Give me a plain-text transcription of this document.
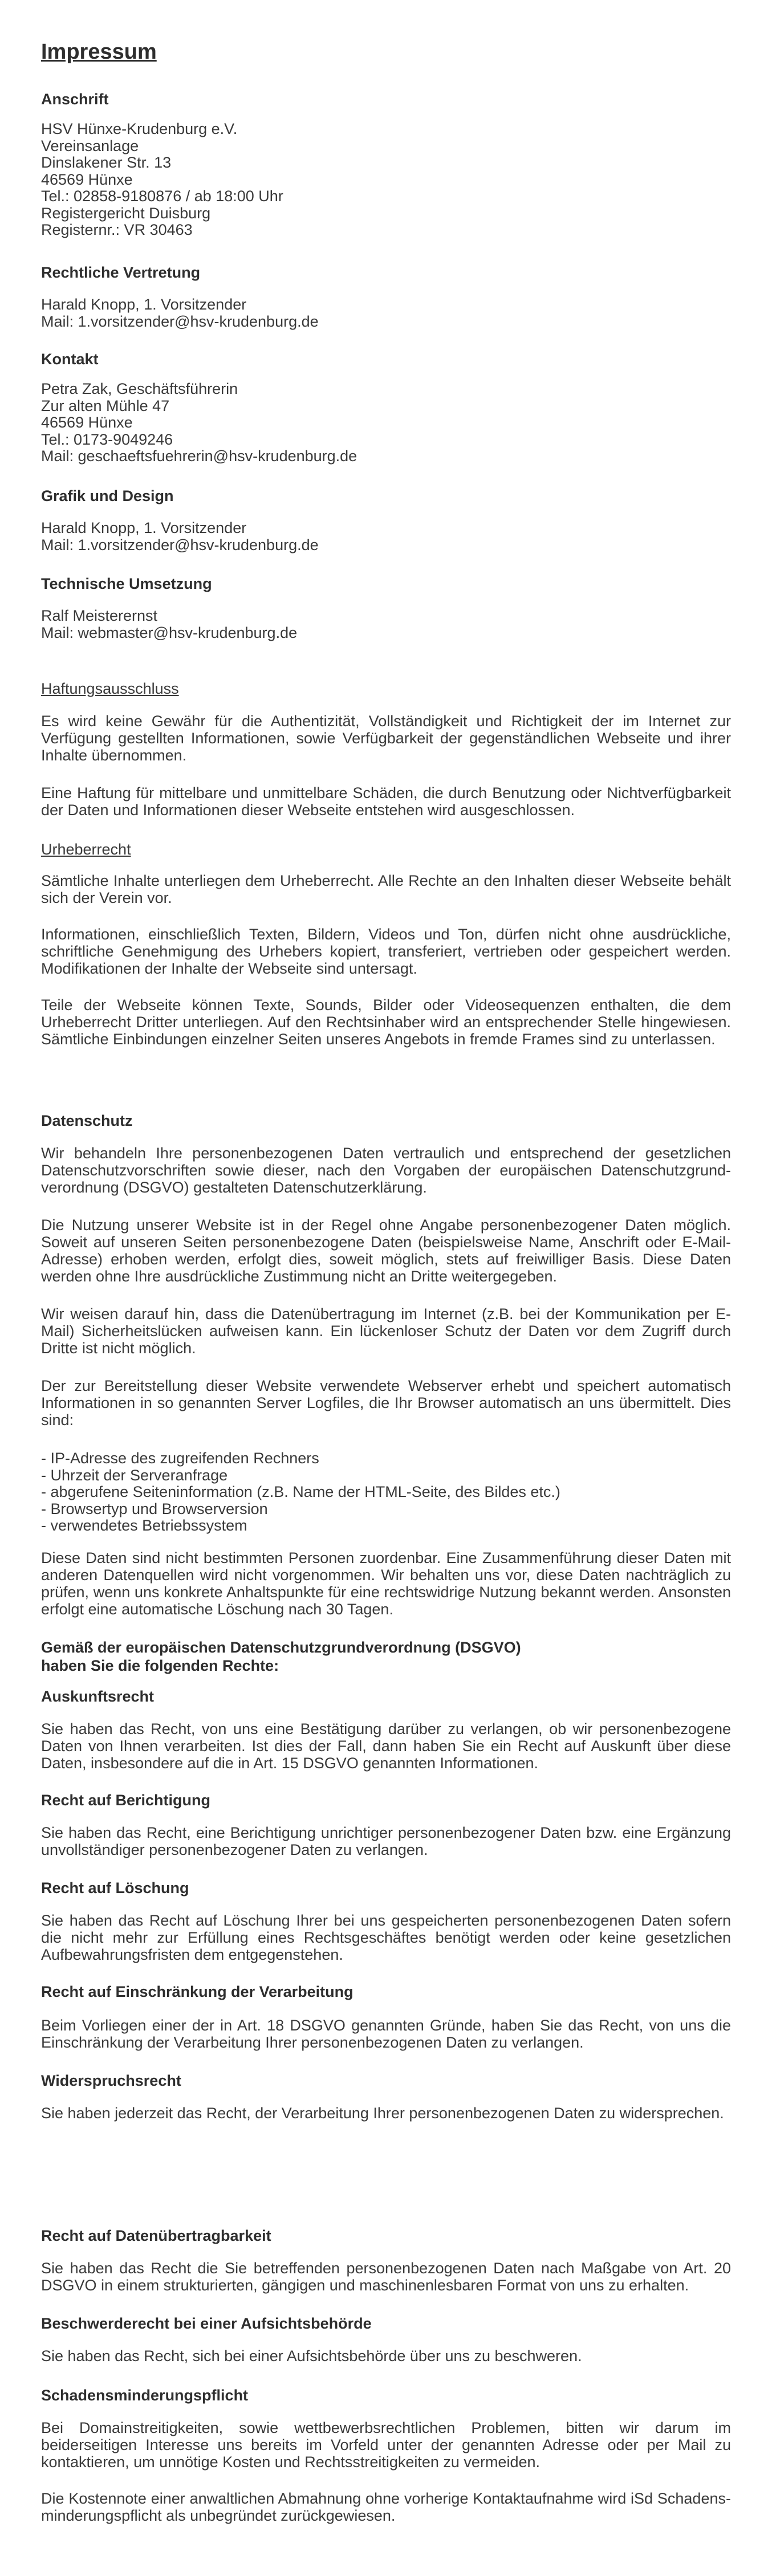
Impressum

Anschrift

HSV Hünxe-Krudenburg e.V.
Vereinsanlage
Dinslakener Str. 13
46569 Hünxe
Tel.: 02858-9180876 / ab 18:00 Uhr
Registergericht Duisburg
Registernr.: VR 30463

Rechtliche Vertretung

Harald Knopp, 1. Vorsitzender
Mail: 1.vorsitzender@hsv-krudenburg.de

Kontakt

Petra Zak, Geschäftsführerin
Zur alten Mühle 47
46569 Hünxe
Tel.: 0173-9049246
Mail: geschaeftsfuehrerin@hsv-krudenburg.de

Grafik und Design

Harald Knopp, 1. Vorsitzender
Mail: 1.vorsitzender@hsv-krudenburg.de

Technische Umsetzung

Ralf Meisterernst
Mail: webmaster@hsv-krudenburg.de

Haftungsausschluss

Es wird keine Gewähr für die Authentizität, Vollständigkeit und Richtigkeit der im Internet zur Verfügung gestellten Informationen, sowie Verfügbarkeit der gegenständlichen Webseite und ihrer Inhalte übernommen.

Eine Haftung für mittelbare und unmittelbare Schäden, die durch Benutzung oder Nichtverfügbarkeit der Daten und Informationen dieser Webseite entstehen wird ausgeschlossen.

Urheberrecht

Sämtliche Inhalte unterliegen dem Urheberrecht. Alle Rechte an den Inhalten dieser Webseite behält sich der Verein vor.

Informationen, einschließlich Texten, Bildern, Videos und Ton, dürfen nicht ohne ausdrückliche, schriftliche Genehmigung des Urhebers kopiert, transferiert, vertrieben oder gespeichert werden. Modifikationen der Inhalte der Webseite sind untersagt.

Teile der Webseite können Texte, Sounds, Bilder oder Videosequenzen enthalten, die dem Urheberrecht Dritter unterliegen. Auf den Rechtsinhaber wird an entsprechender Stelle hingewiesen. Sämtliche Einbindungen einzelner Seiten unseres Angebots in fremde Frames sind zu unterlassen.

Datenschutz

Wir behandeln Ihre personenbezogenen Daten vertraulich und entsprechend der gesetzlichen Datenschutzvorschriften sowie dieser, nach den Vorgaben der europäischen Datenschutzgrundverordnung (DSGVO) gestalteten Datenschutzerklärung.

Die Nutzung unserer Website ist in der Regel ohne Angabe personenbezogener Daten möglich. Soweit auf unseren Seiten personenbezogene Daten (beispielsweise Name, Anschrift oder E-Mail-Adresse) erhoben werden, erfolgt dies, soweit möglich, stets auf freiwilliger Basis. Diese Daten werden ohne Ihre ausdrückliche Zustimmung nicht an Dritte weitergegeben.

Wir weisen darauf hin, dass die Datenübertragung im Internet (z.B. bei der Kommunikation per E-Mail) Sicherheitslücken aufweisen kann. Ein lückenloser Schutz der Daten vor dem Zugriff durch Dritte ist nicht möglich.

Der zur Bereitstellung dieser Website verwendete Webserver erhebt und speichert automatisch Informationen in so genannten Server Logfiles, die Ihr Browser automatisch an uns übermittelt. Dies sind:

- IP-Adresse des zugreifenden Rechners
- Uhrzeit der Serveranfrage
- abgerufene Seiteninformation (z.B. Name der HTML-Seite, des Bildes etc.)
- Browsertyp und Browserversion
- verwendetes Betriebssystem

Diese Daten sind nicht bestimmten Personen zuordenbar. Eine Zusammenführung dieser Daten mit anderen Datenquellen wird nicht vorgenommen. Wir behalten uns vor, diese Daten nachträglich zu prüfen, wenn uns konkrete Anhaltspunkte für eine rechtswidrige Nutzung bekannt werden. Ansonsten erfolgt eine automatische Löschung nach 30 Tagen.

Gemäß der europäischen Datenschutzgrundverordnung (DSGVO)
haben Sie die folgenden Rechte:

Auskunftsrecht

Sie haben das Recht, von uns eine Bestätigung darüber zu verlangen, ob wir personenbezogene Daten von Ihnen verarbeiten. Ist dies der Fall, dann haben Sie ein Recht auf Auskunft über diese Daten, insbesondere auf die in Art. 15 DSGVO genannten Informationen.

Recht auf Berichtigung

Sie haben das Recht, eine Berichtigung unrichtiger personenbezogener Daten bzw. eine Ergänzung unvollständiger personenbezogener Daten zu verlangen.

Recht auf Löschung

Sie haben das Recht auf Löschung Ihrer bei uns gespeicherten personenbezogenen Daten sofern die nicht mehr zur Erfüllung eines Rechtsgeschäftes benötigt werden oder keine gesetzlichen Aufbewahrungsfristen dem entgegenstehen.

Recht auf Einschränkung der Verarbeitung

Beim Vorliegen einer der in Art. 18 DSGVO genannten Gründe, haben Sie das Recht, von uns die Einschränkung der Verarbeitung Ihrer personenbezogenen Daten zu verlangen.

Widerspruchsrecht

Sie haben jederzeit das Recht, der Verarbeitung Ihrer personenbezogenen Daten zu widersprechen.

Recht auf Datenübertragbarkeit

Sie haben das Recht die Sie betreffenden personenbezogenen Daten nach Maßgabe von Art. 20 DSGVO in einem strukturierten, gängigen und maschinenlesbaren Format von uns zu erhalten.

Beschwerderecht bei einer Aufsichtsbehörde

Sie haben das Recht, sich bei einer Aufsichtsbehörde über uns zu beschweren.

Schadensminderungspflicht

Bei Domainstreitigkeiten, sowie wettbewerbsrechtlichen Problemen, bitten wir darum im beiderseitigen Interesse uns bereits im Vorfeld unter der genannten Adresse oder per Mail zu kontaktieren, um unnötige Kosten und Rechtsstreitigkeiten zu vermeiden.

Die Kostennote einer anwaltlichen Abmahnung ohne vorherige Kontaktaufnahme wird iSd Schadensminderungspflicht als unbegründet zurückgewiesen.
